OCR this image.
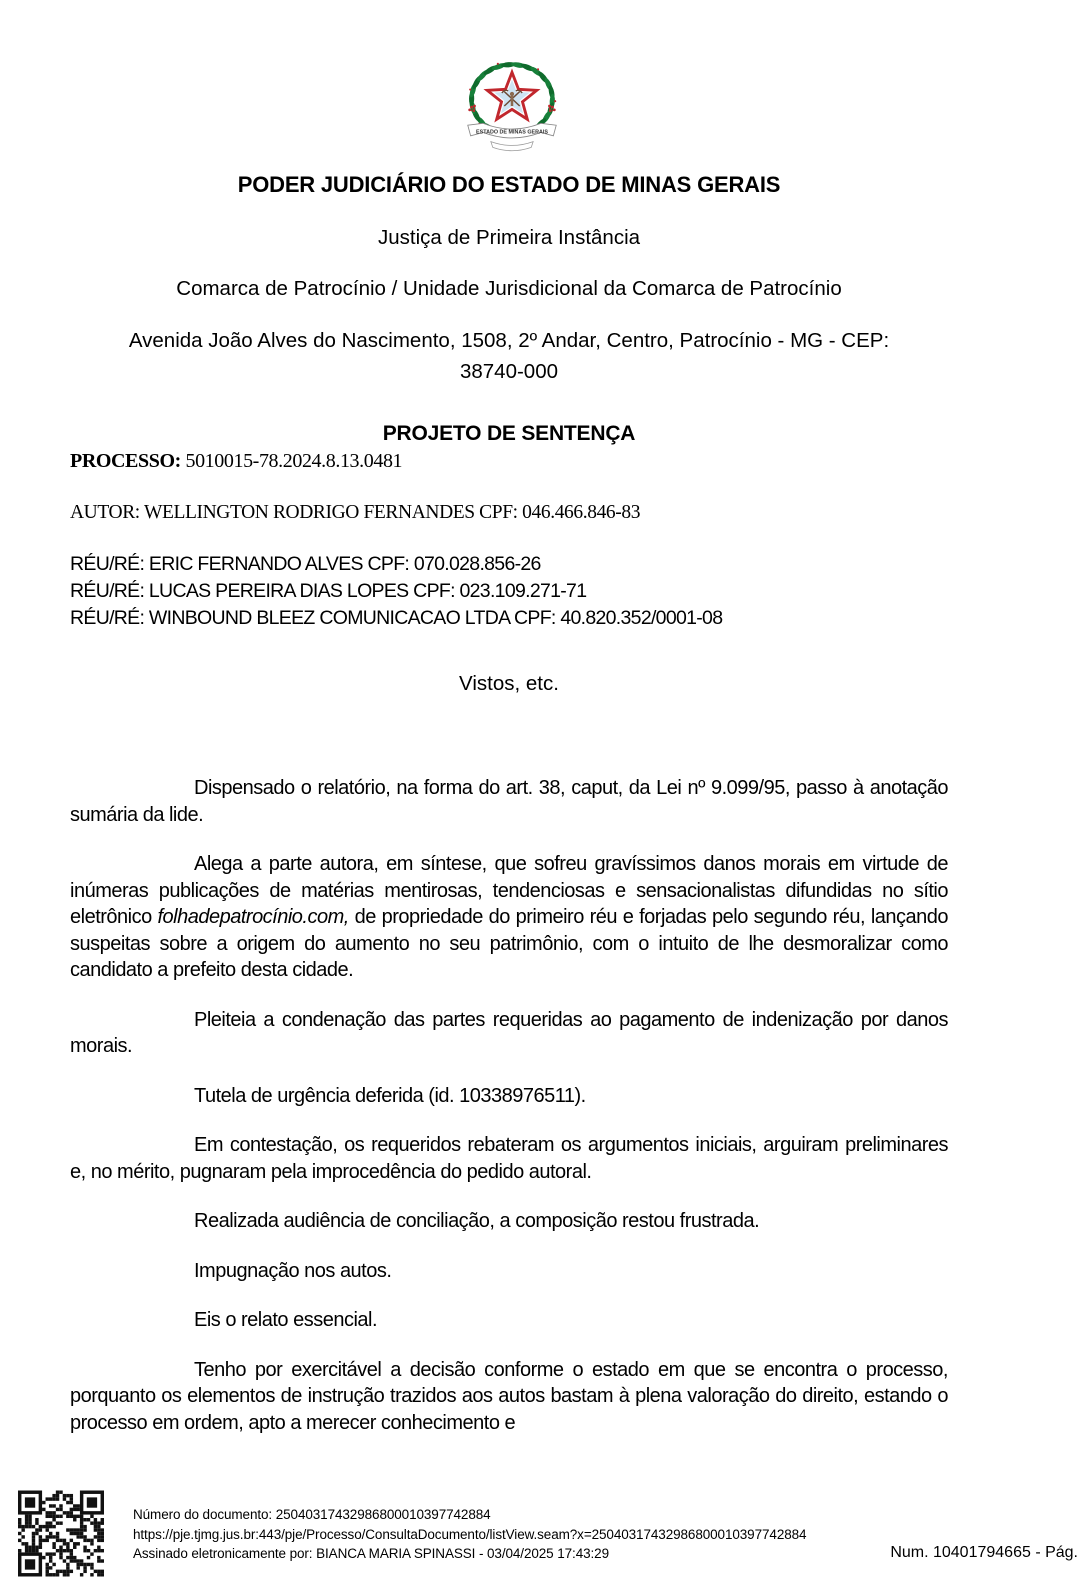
ESTADO DE MINAS GERAIS
PODER JUDICIÁRIO DO ESTADO DE MINAS GERAIS
Justiça de Primeira Instância
Comarca de Patrocínio / Unidade Jurisdicional da Comarca de Patrocínio
Avenida João Alves do Nascimento, 1508, 2º Andar, Centro, Patrocínio - MG - CEP:
38740-000
PROJETO DE SENTENÇA
PROCESSO: 5010015-78.2024.8.13.0481
AUTOR: WELLINGTON RODRIGO FERNANDES CPF: 046.466.846-83
RÉU/RÉ: ERIC FERNANDO ALVES CPF: 070.028.856-26
RÉU/RÉ: LUCAS PEREIRA DIAS LOPES CPF: 023.109.271-71
RÉU/RÉ: WINBOUND BLEEZ COMUNICACAO LTDA CPF: 40.820.352/0001-08
Vistos, etc.

Dispensado o relatório, na forma do art. 38, caput, da Lei nº 9.099/95, passo à anotação sumária da lide.

Alega a parte autora, em síntese, que sofreu gravíssimos danos morais em virtude de inúmeras publicações de matérias mentirosas, tendenciosas e sensacionalistas difundidas no sítio eletrônico folhadepatrocínio.com, de propriedade do primeiro réu e forjadas pelo segundo réu, lançando suspeitas sobre a origem do aumento no seu patrimônio, com o intuito de lhe desmoralizar como candidato a prefeito desta cidade.

Pleiteia a condenação das partes requeridas ao pagamento de indenização por danos morais.

Tutela de urgência deferida (id. 10338976511).

Em contestação, os requeridos rebateram os argumentos iniciais, arguiram preliminares e, no mérito, pugnaram pela improcedência do pedido autoral.

Realizada audiência de conciliação, a composição restou frustrada.

Impugnação nos autos.

Eis o relato essencial.

Tenho por exercitável a decisão conforme o estado em que se encontra o processo, porquanto os elementos de instrução trazidos aos autos bastam à plena valoração do direito, estando o processo em ordem, apto a merecer conhecimento e

Número do documento: 25040317432986800010397742884
https://pje.tjmg.jus.br:443/pje/Processo/ConsultaDocumento/listView.seam?x=25040317432986800010397742884
Assinado eletronicamente por: BIANCA MARIA SPINASSI - 03/04/2025 17:43:29	Num. 10401794665 - Pág.
